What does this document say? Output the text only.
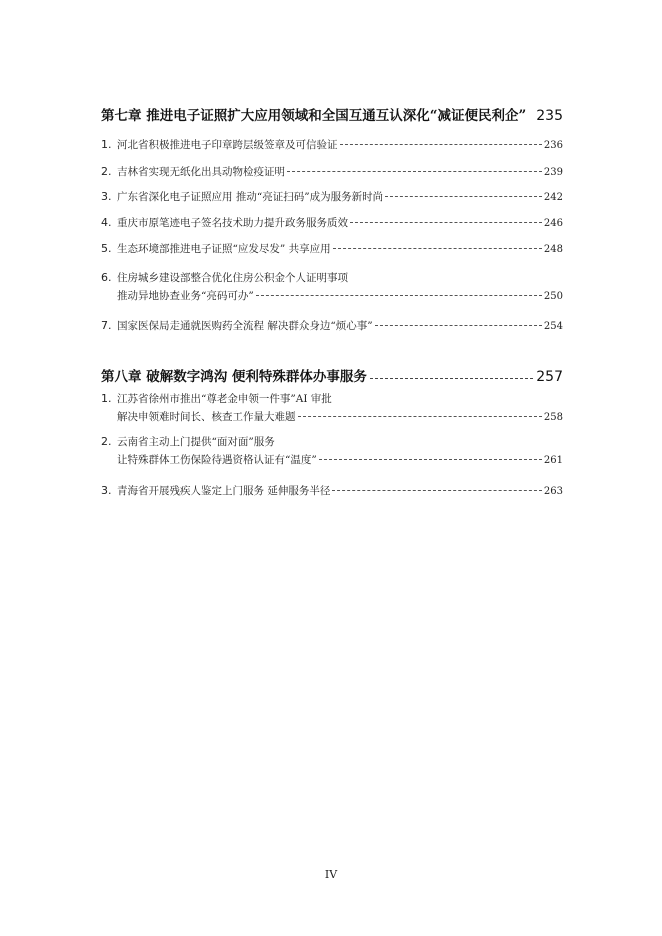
第七章 推进电子证照扩大应用领域和全国互通互认深化“减证便民利企” 235
1. 河北省积极推进电子印章跨层级签章及可信验证	236
2. 吉林省实现无纸化出具动物检疫证明	239
3. 广东省深化电子证照应用 推动“亮证扫码”成为服务新时尚	242
4. 重庆市原笔迹电子签名技术助力提升政务服务质效	246
5. 生态环境部推进电子证照“应发尽发” 共享应用	248
6. 住房城乡建设部整合优化住房公积金个人证明事项
推动异地协查业务“亮码可办”	250
7. 国家医保局走通就医购药全流程 解决群众身边“烦心事”	254
第八章 破解数字鸿沟 便利特殊群体办事服务	257
1. 江苏省徐州市推出“尊老金申领一件事”AI 审批
解决申领难时间长、核查工作量大难题	258
2. 云南省主动上门提供“面对面”服务
让特殊群体工伤保险待遇资格认证有“温度”	261
3. 青海省开展残疾人鉴定上门服务 延伸服务半径	263
IV
